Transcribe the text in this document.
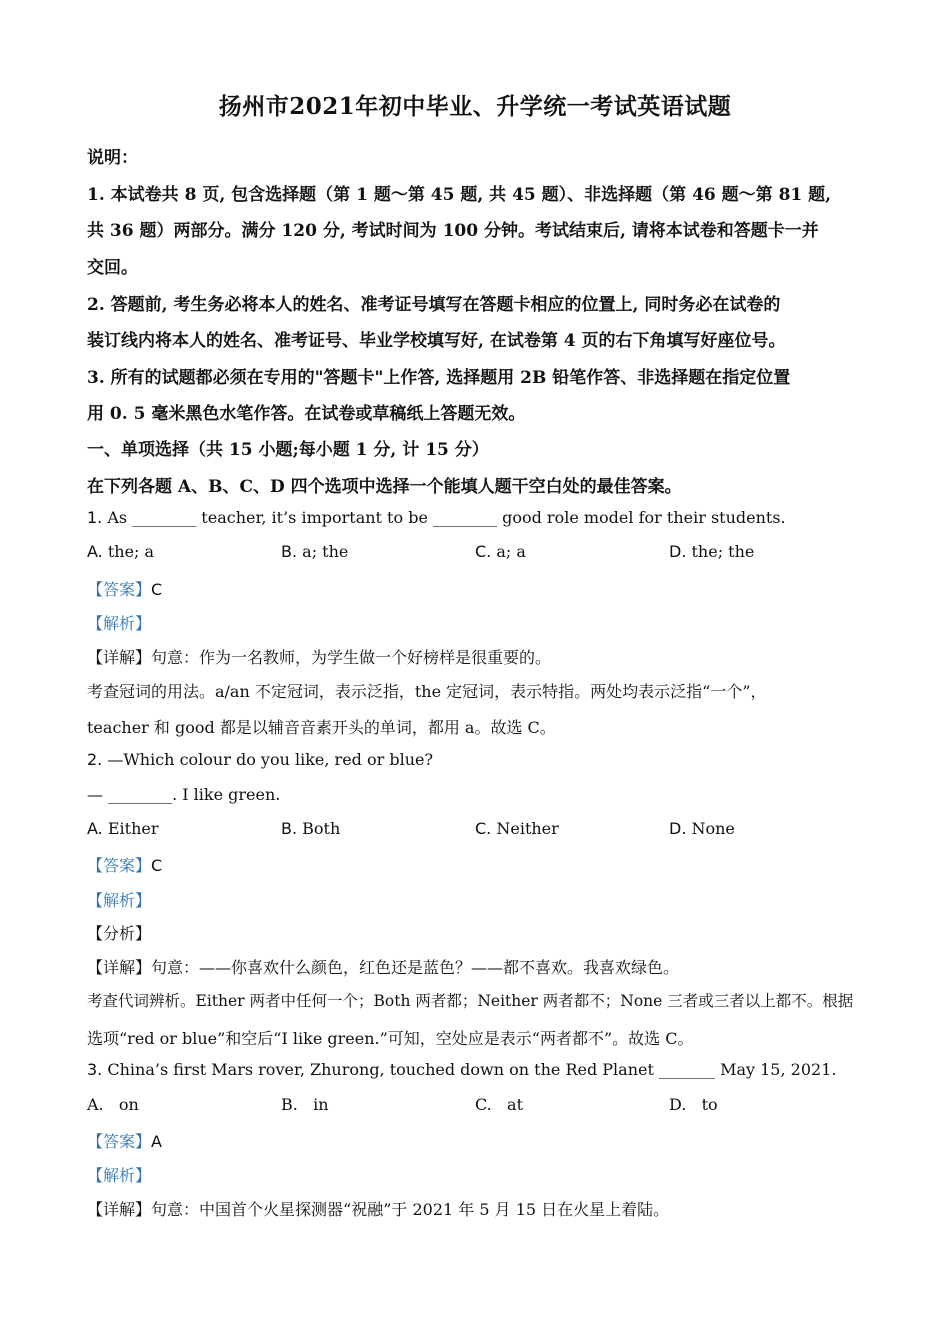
扬州市2021年初中毕业、升学统一考试英语试题
说明：
1. 本试卷共 8 页, 包含选择题（第 1 题～第 45 题, 共 45 题）、非选择题（第 46 题～第 81 题,
共 36 题）两部分。满分 120 分, 考试时间为 100 分钟。考试结束后, 请将本试卷和答题卡一并
交回。
2. 答题前, 考生务必将本人的姓名、准考证号填写在答题卡相应的位置上, 同时务必在试卷的
装订线内将本人的姓名、准考证号、毕业学校填写好, 在试卷第 4 页的右下角填写好座位号。
3. 所有的试题都必须在专用的"答题卡"上作答, 选择题用 2B 铅笔作答、非选择题在指定位置
用 0. 5 毫米黑色水笔作答。在试卷或草稿纸上答题无效。
一、单项选择（共 15 小题;每小题 1 分, 计 15 分）
在下列各题 A、B、C、D 四个选项中选择一个能填人题干空白处的最佳答案。
1. As ________ teacher, it’s important to be ________ good role model for their students.
A. the; a	B. a; the	C. a; a	D. the; the
【答案】C
【解析】
【详解】句意：作为一名教师，为学生做一个好榜样是很重要的。
考查冠词的用法。a/an 不定冠词，表示泛指，the 定冠词，表示特指。两处均表示泛指“一个”，
teacher 和 good 都是以辅音音素开头的单词，都用 a。故选 C。
2. —Which colour do you like, red or blue?
— ________. I like green.
A. Either	B. Both	C. Neither	D. None
【答案】C
【解析】
【分析】
【详解】句意：——你喜欢什么颜色，红色还是蓝色？——都不喜欢。我喜欢绿色。
考查代词辨析。Either 两者中任何一个；Both 两者都；Neither 两者都不；None 三者或三者以上都不。根据
选项“red or blue”和空后“I like green.”可知，空处应是表示“两者都不”。故选 C。
3. China’s first Mars rover, Zhurong, touched down on the Red Planet _______ May 15, 2021.
A.   on	B.   in	C.   at	D.   to
【答案】A
【解析】
【详解】句意：中国首个火星探测器“祝融”于 2021 年 5 月 15 日在火星上着陆。
